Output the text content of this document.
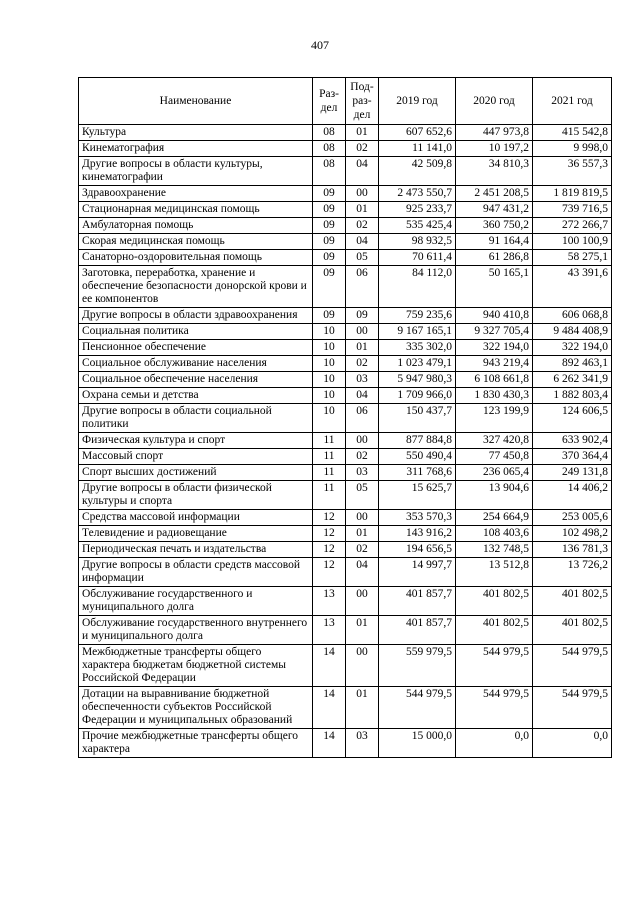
407
Наименование	Раз-дел	Под-раз-дел	2019 год	2020 год	2021 год
Культура	08	01	607 652,6	447 973,8	415 542,8
Кинематография	08	02	11 141,0	10 197,2	9 998,0
Другие вопросы в области культуры, кинематографии	08	04	42 509,8	34 810,3	36 557,3
Здравоохранение	09	00	2 473 550,7	2 451 208,5	1 819 819,5
Стационарная медицинская помощь	09	01	925 233,7	947 431,2	739 716,5
Амбулаторная помощь	09	02	535 425,4	360 750,2	272 266,7
Скорая медицинская помощь	09	04	98 932,5	91 164,4	100 100,9
Санаторно-оздоровительная помощь	09	05	70 611,4	61 286,8	58 275,1
Заготовка, переработка, хранение и обеспечение безопасности донорской крови и ее компонентов	09	06	84 112,0	50 165,1	43 391,6
Другие вопросы в области здравоохранения	09	09	759 235,6	940 410,8	606 068,8
Социальная политика	10	00	9 167 165,1	9 327 705,4	9 484 408,9
Пенсионное обеспечение	10	01	335 302,0	322 194,0	322 194,0
Социальное обслуживание населения	10	02	1 023 479,1	943 219,4	892 463,1
Социальное обеспечение населения	10	03	5 947 980,3	6 108 661,8	6 262 341,9
Охрана семьи и детства	10	04	1 709 966,0	1 830 430,3	1 882 803,4
Другие вопросы в области социальной политики	10	06	150 437,7	123 199,9	124 606,5
Физическая культура и спорт	11	00	877 884,8	327 420,8	633 902,4
Массовый спорт	11	02	550 490,4	77 450,8	370 364,4
Спорт высших достижений	11	03	311 768,6	236 065,4	249 131,8
Другие вопросы в области физической культуры и спорта	11	05	15 625,7	13 904,6	14 406,2
Средства массовой информации	12	00	353 570,3	254 664,9	253 005,6
Телевидение и радиовещание	12	01	143 916,2	108 403,6	102 498,2
Периодическая печать и издательства	12	02	194 656,5	132 748,5	136 781,3
Другие вопросы в области средств массовой информации	12	04	14 997,7	13 512,8	13 726,2
Обслуживание государственного и муниципального долга	13	00	401 857,7	401 802,5	401 802,5
Обслуживание государственного внутреннего и муниципального долга	13	01	401 857,7	401 802,5	401 802,5
Межбюджетные трансферты общего характера бюджетам бюджетной системы Российской Федерации	14	00	559 979,5	544 979,5	544 979,5
Дотации на выравнивание бюджетной обеспеченности субъектов Российской Федерации и муниципальных образований	14	01	544 979,5	544 979,5	544 979,5
Прочие межбюджетные трансферты общего характера	14	03	15 000,0	0,0	0,0
